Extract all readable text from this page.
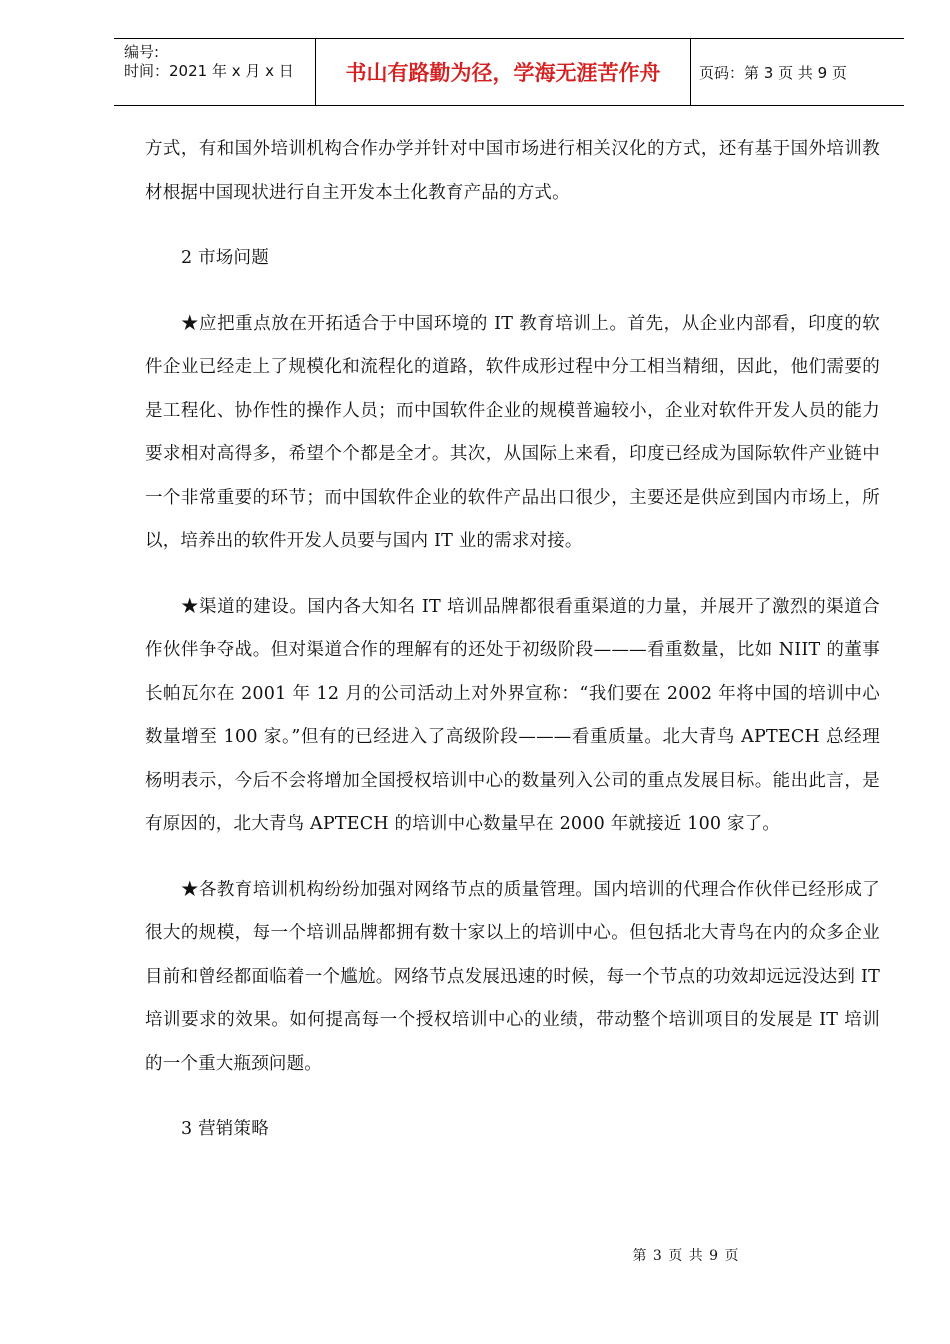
编号:
时间：2021 年 x 月 x 日	书山有路勤为径，学海无涯苦作舟	页码：第 3 页 共 9 页

方式，有和国外培训机构合作办学并针对中国市场进行相关汉化的方式，还有基于国外培训教材根据中国现状进行自主开发本土化教育产品的方式。

2 市场问题

★应把重点放在开拓适合于中国环境的 IT 教育培训上。首先，从企业内部看，印度的软件企业已经走上了规模化和流程化的道路，软件成形过程中分工相当精细，因此，他们需要的是工程化、协作性的操作人员；而中国软件企业的规模普遍较小，企业对软件开发人员的能力要求相对高得多，希望个个都是全才。其次，从国际上来看，印度已经成为国际软件产业链中一个非常重要的环节；而中国软件企业的软件产品出口很少，主要还是供应到国内市场上，所以，培养出的软件开发人员要与国内 IT 业的需求对接。

★渠道的建设。国内各大知名 IT 培训品牌都很看重渠道的力量，并展开了激烈的渠道合作伙伴争夺战。但对渠道合作的理解有的还处于初级阶段———看重数量，比如 NIIT 的董事长帕瓦尔在 2001 年 12 月的公司活动上对外界宣称：“我们要在 2002 年将中国的培训中心数量增至 100 家。”但有的已经进入了高级阶段———看重质量。北大青鸟 APTECH 总经理杨明表示，今后不会将增加全国授权培训中心的数量列入公司的重点发展目标。能出此言，是有原因的，北大青鸟 APTECH 的培训中心数量早在 2000 年就接近 100 家了。

★各教育培训机构纷纷加强对网络节点的质量管理。国内培训的代理合作伙伴已经形成了很大的规模，每一个培训品牌都拥有数十家以上的培训中心。但包括北大青鸟在内的众多企业目前和曾经都面临着一个尴尬。网络节点发展迅速的时候，每一个节点的功效却远远没达到 IT 培训要求的效果。如何提高每一个授权培训中心的业绩，带动整个培训项目的发展是 IT 培训的一个重大瓶颈问题。

3 营销策略

第 3 页 共 9 页
